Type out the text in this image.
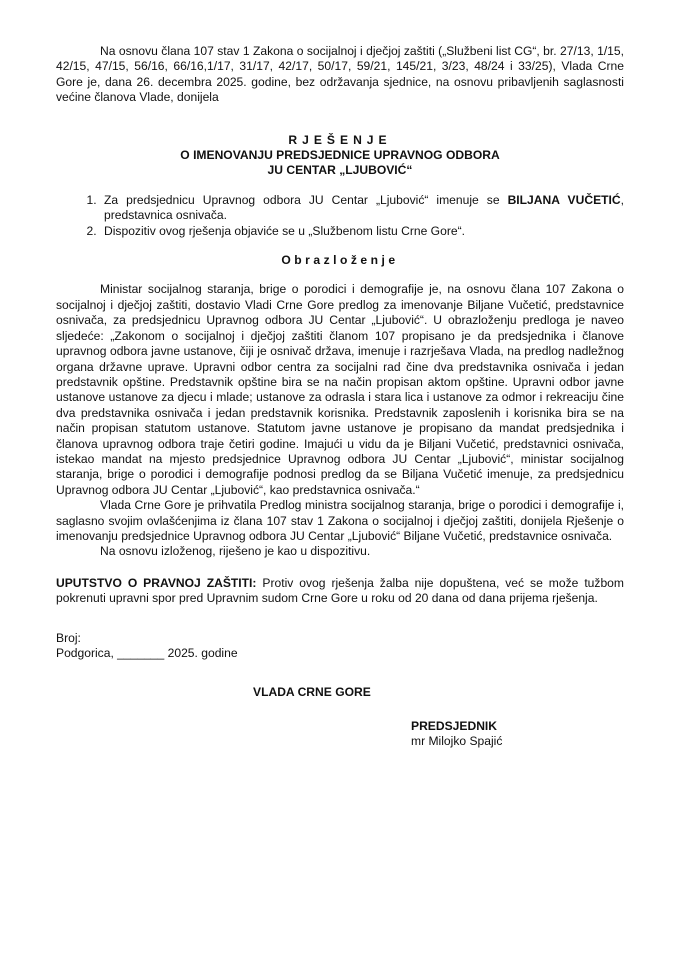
Na osnovu člana 107 stav 1 Zakona o socijalnoj i dječjoj zaštiti („Službeni list CG“, br. 27/13, 1/15, 42/15, 47/15, 56/16, 66/16,1/17, 31/17, 42/17, 50/17, 59/21, 145/21, 3/23, 48/24 i 33/25), Vlada Crne Gore je, dana 26. decembra 2025. godine, bez održavanja sjednice, na osnovu pribavljenih saglasnosti većine članova Vlade, donijela

RJEŠENJE
O IMENOVANJU PREDSJEDNICE UPRAVNOG ODBORA
JU CENTAR „LJUBOVIĆ“
1. Za predsjednicu Upravnog odbora JU Centar „Ljubović“ imenuje se BILJANA VUČETIĆ, predstavnica osnivača.
2. Dispozitiv ovog rješenja objaviće se u „Službenom listu Crne Gore“.
Obrazloženje

Ministar socijalnog staranja, brige o porodici i demografije je, na osnovu člana 107 Zakona o socijalnoj i dječjoj zaštiti, dostavio Vladi Crne Gore predlog za imenovanje Biljane Vučetić, predstavnice osnivača, za predsjednicu Upravnog odbora JU Centar „Ljubović“. U obrazloženju predloga je naveo sljedeće: „Zakonom o socijalnoj i dječjoj zaštiti članom 107 propisano je da predsjednika i članove upravnog odbora javne ustanove, čiji je osnivač država, imenuje i razrješava Vlada, na predlog nadležnog organa državne uprave. Upravni odbor centra za socijalni rad čine dva predstavnika osnivača i jedan predstavnik opštine. Predstavnik opštine bira se na način propisan aktom opštine. Upravni odbor javne ustanove ustanove za djecu i mlade; ustanove za odrasla i stara lica i ustanove za odmor i rekreaciju čine dva predstavnika osnivača i jedan predstavnik korisnika. Predstavnik zaposlenih i korisnika bira se na način propisan statutom ustanove. Statutom javne ustanove je propisano da mandat predsjednika i članova upravnog odbora traje četiri godine. Imajući u vidu da je Biljani Vučetić, predstavnici osnivača, istekao mandat na mjesto predsjednice Upravnog odbora JU Centar „Ljubović“, ministar socijalnog staranja, brige o porodici i demografije podnosi predlog da se Biljana Vučetić imenuje, za predsjednicu Upravnog odbora JU Centar „Ljubović“, kao predstavnica osnivača.“

Vlada Crne Gore je prihvatila Predlog ministra socijalnog staranja, brige o porodici i demografije i, saglasno svojim ovlašćenjima iz člana 107 stav 1 Zakona o socijalnoj i dječjoj zaštiti, donijela Rješenje o imenovanju predsjednice Upravnog odbora JU Centar „Ljubović“ Biljane Vučetić, predstavnice osnivača.

Na osnovu izloženog, riješeno je kao u dispozitivu.

UPUTSTVO O PRAVNOJ ZAŠTITI: Protiv ovog rješenja žalba nije dopuštena, već se može tužbom pokrenuti upravni spor pred Upravnim sudom Crne Gore u roku od 20 dana od dana prijema rješenja.

Broj:
Podgorica, _______ 2025. godine
VLADA CRNE GORE
PREDSJEDNIK
mr Milojko Spajić
